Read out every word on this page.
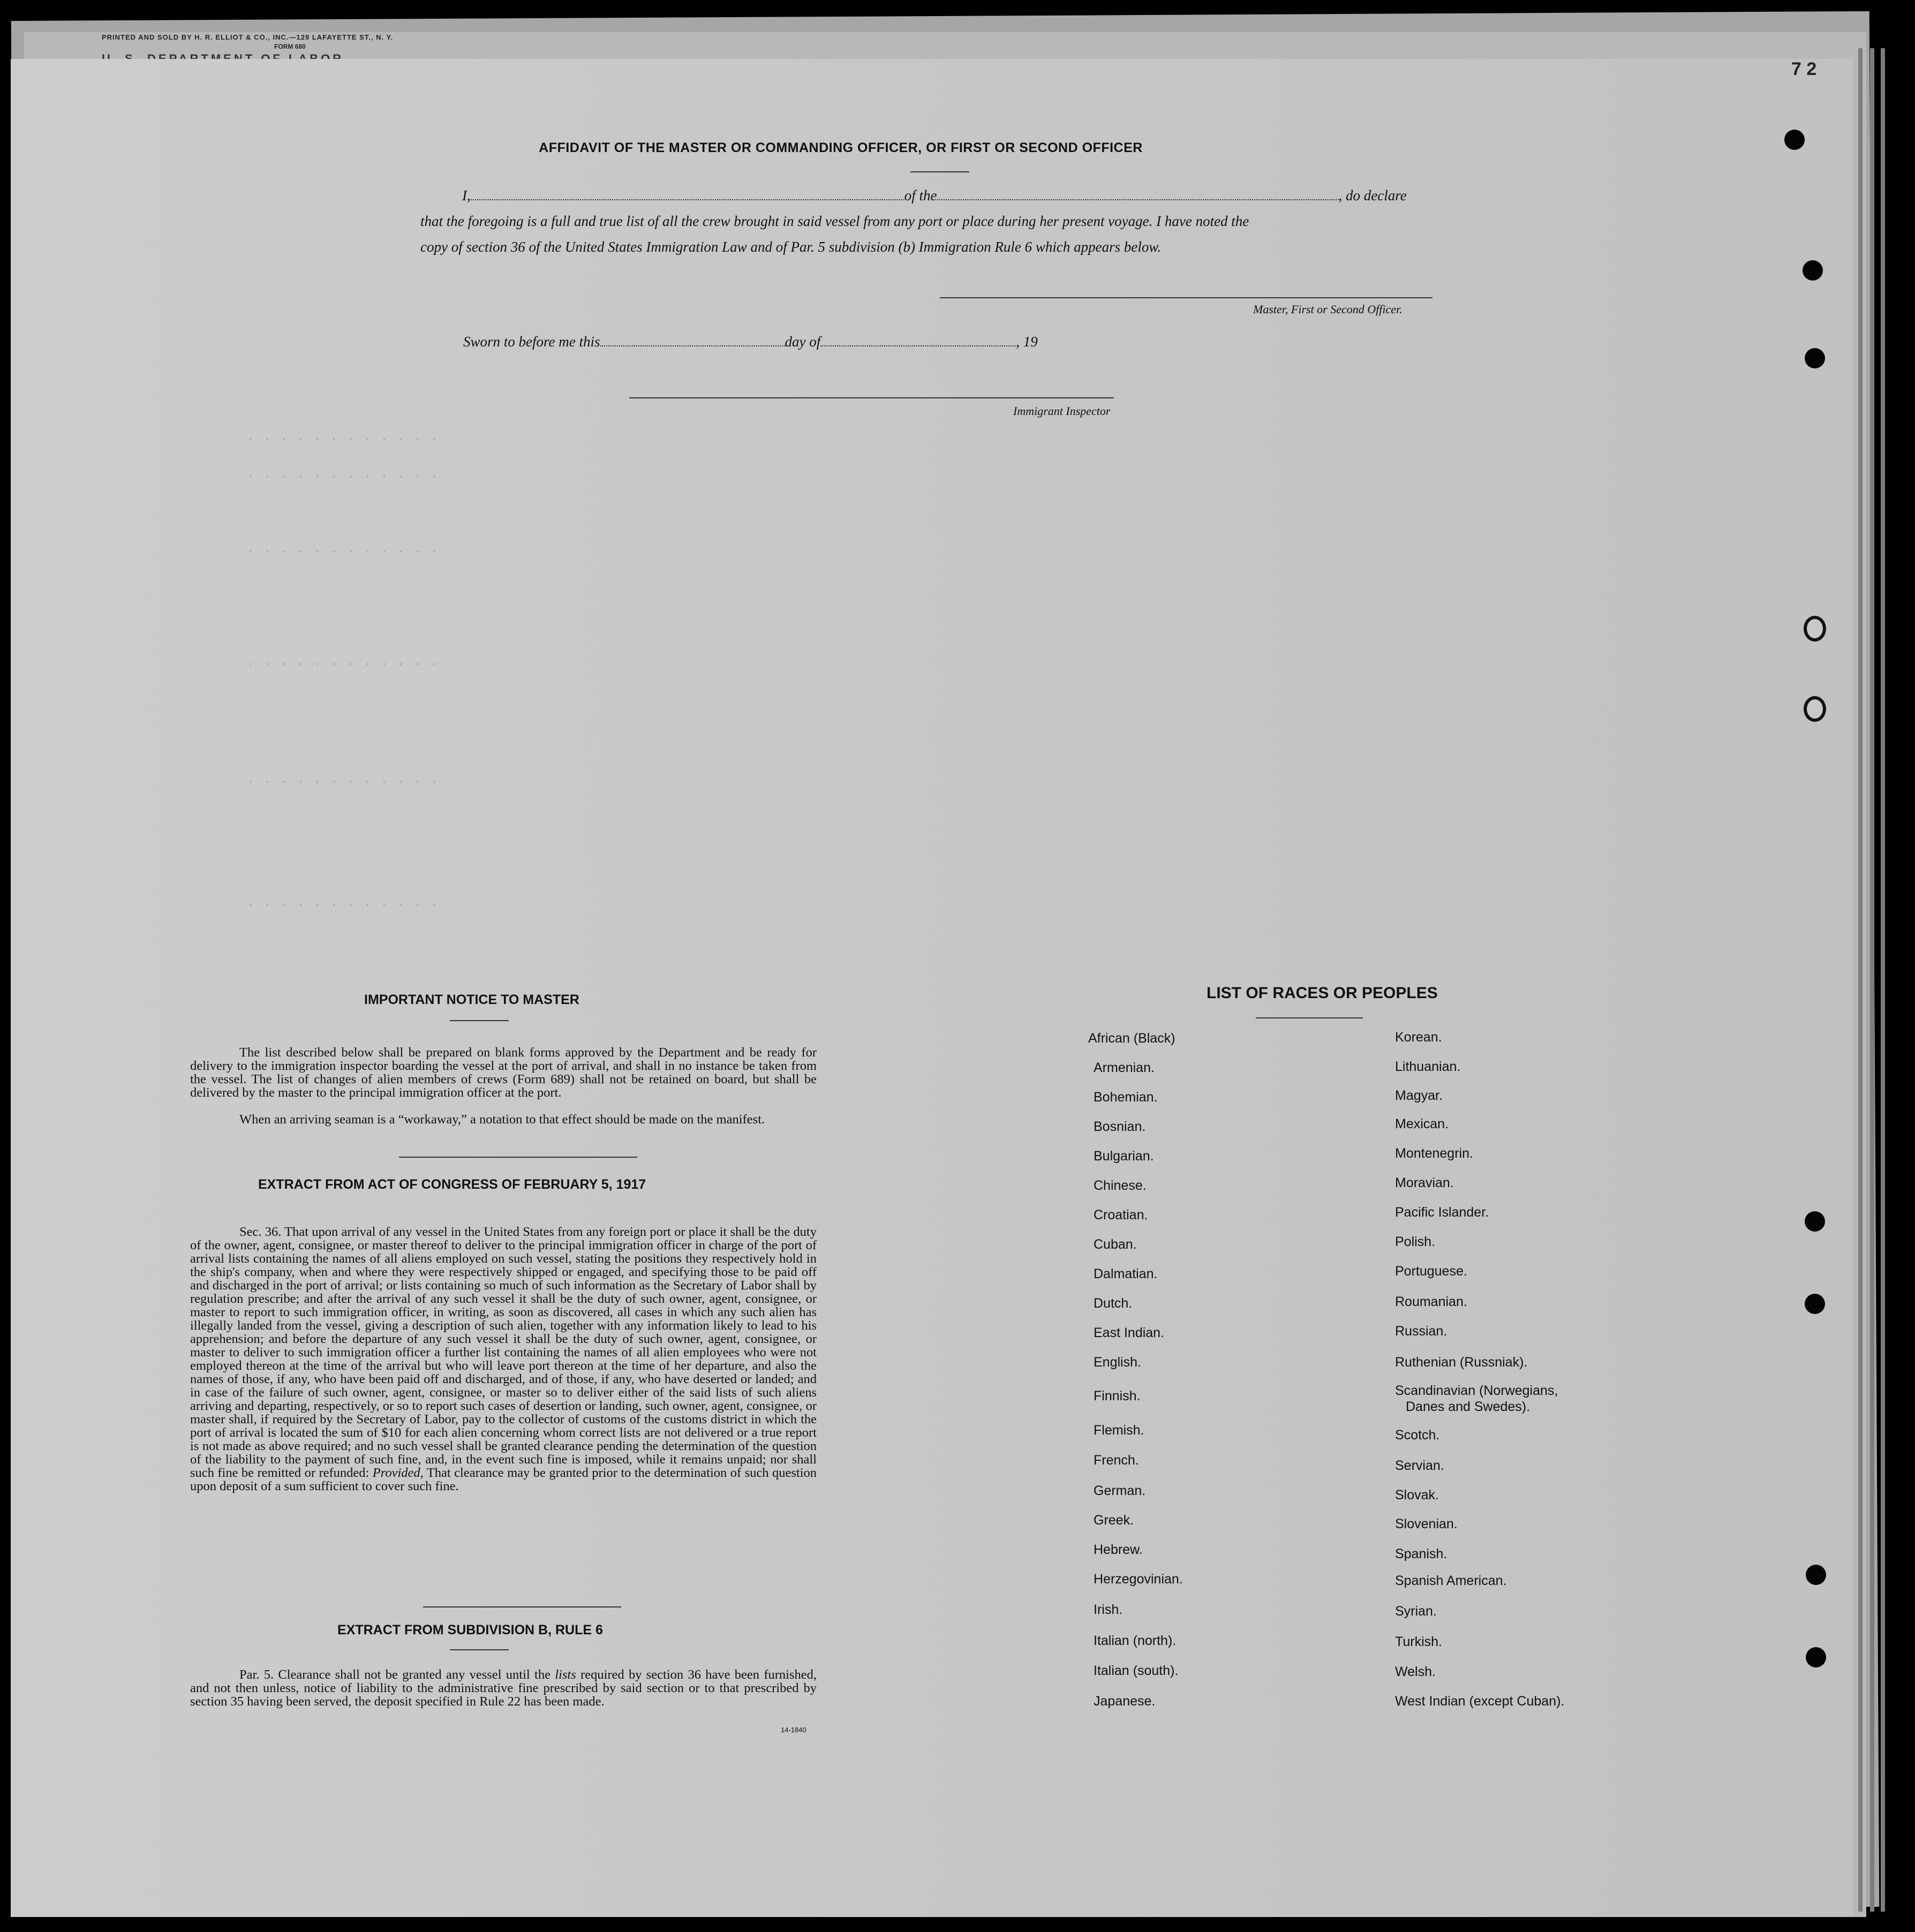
PRINTED AND SOLD BY H. R. ELLIOT & CO., INC.—129 LAFAYETTE ST., N. Y.
FORM 680
. . . . . . . . . . . .
. . . . . . . . . . . .
. . . . . . . . . . . .
. . . . . . . . . . . .
. . . . . . . . . . . .
. . . . . . . . . . . .
AFFIDAVIT OF THE MASTER OR COMMANDING OFFICER, OR FIRST OR SECOND OFFICER
I,	of the	, do declare
that the foregoing is a full and true list of all the crew brought in said vessel from any port or place during her present voyage. I have noted the
copy of section 36 of the United States Immigration Law and of Par. 5 subdivision (b) Immigration Rule 6 which appears below.
Master, First or Second Officer.
Sworn to before me this	day of	, 19
Immigrant Inspector
IMPORTANT NOTICE TO MASTER
The list described below shall be prepared on blank forms approved by the Department and be ready for delivery to the immigration inspector boarding the vessel at the port of arrival, and shall in no instance be taken from the vessel. The list of changes of alien members of crews (Form 689) shall not be retained on board, but shall be delivered by the master to the principal immigration officer at the port.
When an arriving seaman is a “workaway,” a notation to that effect should be made on the manifest.
EXTRACT FROM ACT OF CONGRESS OF FEBRUARY 5, 1917
Sec. 36. That upon arrival of any vessel in the United States from any foreign port or place it shall be the duty of the owner, agent, consignee, or master thereof to deliver to the principal immigration officer in charge of the port of arrival lists containing the names of all aliens employed on such vessel, stating the positions they respectively hold in the ship's company, when and where they were respectively shipped or engaged, and specifying those to be paid off and discharged in the port of arrival; or lists containing so much of such information as the Secretary of Labor shall by regulation prescribe; and after the arrival of any such vessel it shall be the duty of such owner, agent, consignee, or master to report to such immigration officer, in writing, as soon as discovered, all cases in which any such alien has illegally landed from the vessel, giving a description of such alien, together with any information likely to lead to his apprehension; and before the departure of any such vessel it shall be the duty of such owner, agent, consignee, or master to deliver to such immigration officer a further list containing the names of all alien employees who were not employed thereon at the time of the arrival but who will leave port thereon at the time of her departure, and also the names of those, if any, who have been paid off and discharged, and of those, if any, who have deserted or landed; and in case of the failure of such owner, agent, consignee, or master so to deliver either of the said lists of such aliens arriving and departing, respectively, or so to report such cases of desertion or landing, such owner, agent, consignee, or master shall, if required by the Secretary of Labor, pay to the collector of customs of the customs district in which the port of arrival is located the sum of $10 for each alien concerning whom correct lists are not delivered or a true report is not made as above required; and no such vessel shall be granted clearance pending the determination of the question of the liability to the payment of such fine, and, in the event such fine is imposed, while it remains unpaid; nor shall such fine be remitted or refunded: Provided, That clearance may be granted prior to the determination of such question upon deposit of a sum sufficient to cover such fine.
EXTRACT FROM SUBDIVISION B, RULE 6
Par. 5. Clearance shall not be granted any vessel until the lists required by section 36 have been furnished, and not then unless, notice of liability to the administrative fine prescribed by said section or to that prescribed by section 35 having been served, the deposit specified in Rule 22 has been made.
14-1840
LIST OF RACES OR PEOPLES
African (Black)
Armenian.
Bohemian.
Bosnian.
Bulgarian.
Chinese.
Croatian.
Cuban.
Dalmatian.
Dutch.
East Indian.
English.
Finnish.
Flemish.
French.
German.
Greek.
Hebrew.
Herzegovinian.
Irish.
Italian (north).
Italian (south).
Japanese.
Korean.
Lithuanian.
Magyar.
Mexican.
Montenegrin.
Moravian.
Pacific Islander.
Polish.
Portuguese.
Roumanian.
Russian.
Ruthenian (Russniak).
Scandinavian (Norwegians,
Danes and Swedes).
Scotch.
Servian.
Slovak.
Slovenian.
Spanish.
Spanish American.
Syrian.
Turkish.
Welsh.
West Indian (except Cuban).
7 2
